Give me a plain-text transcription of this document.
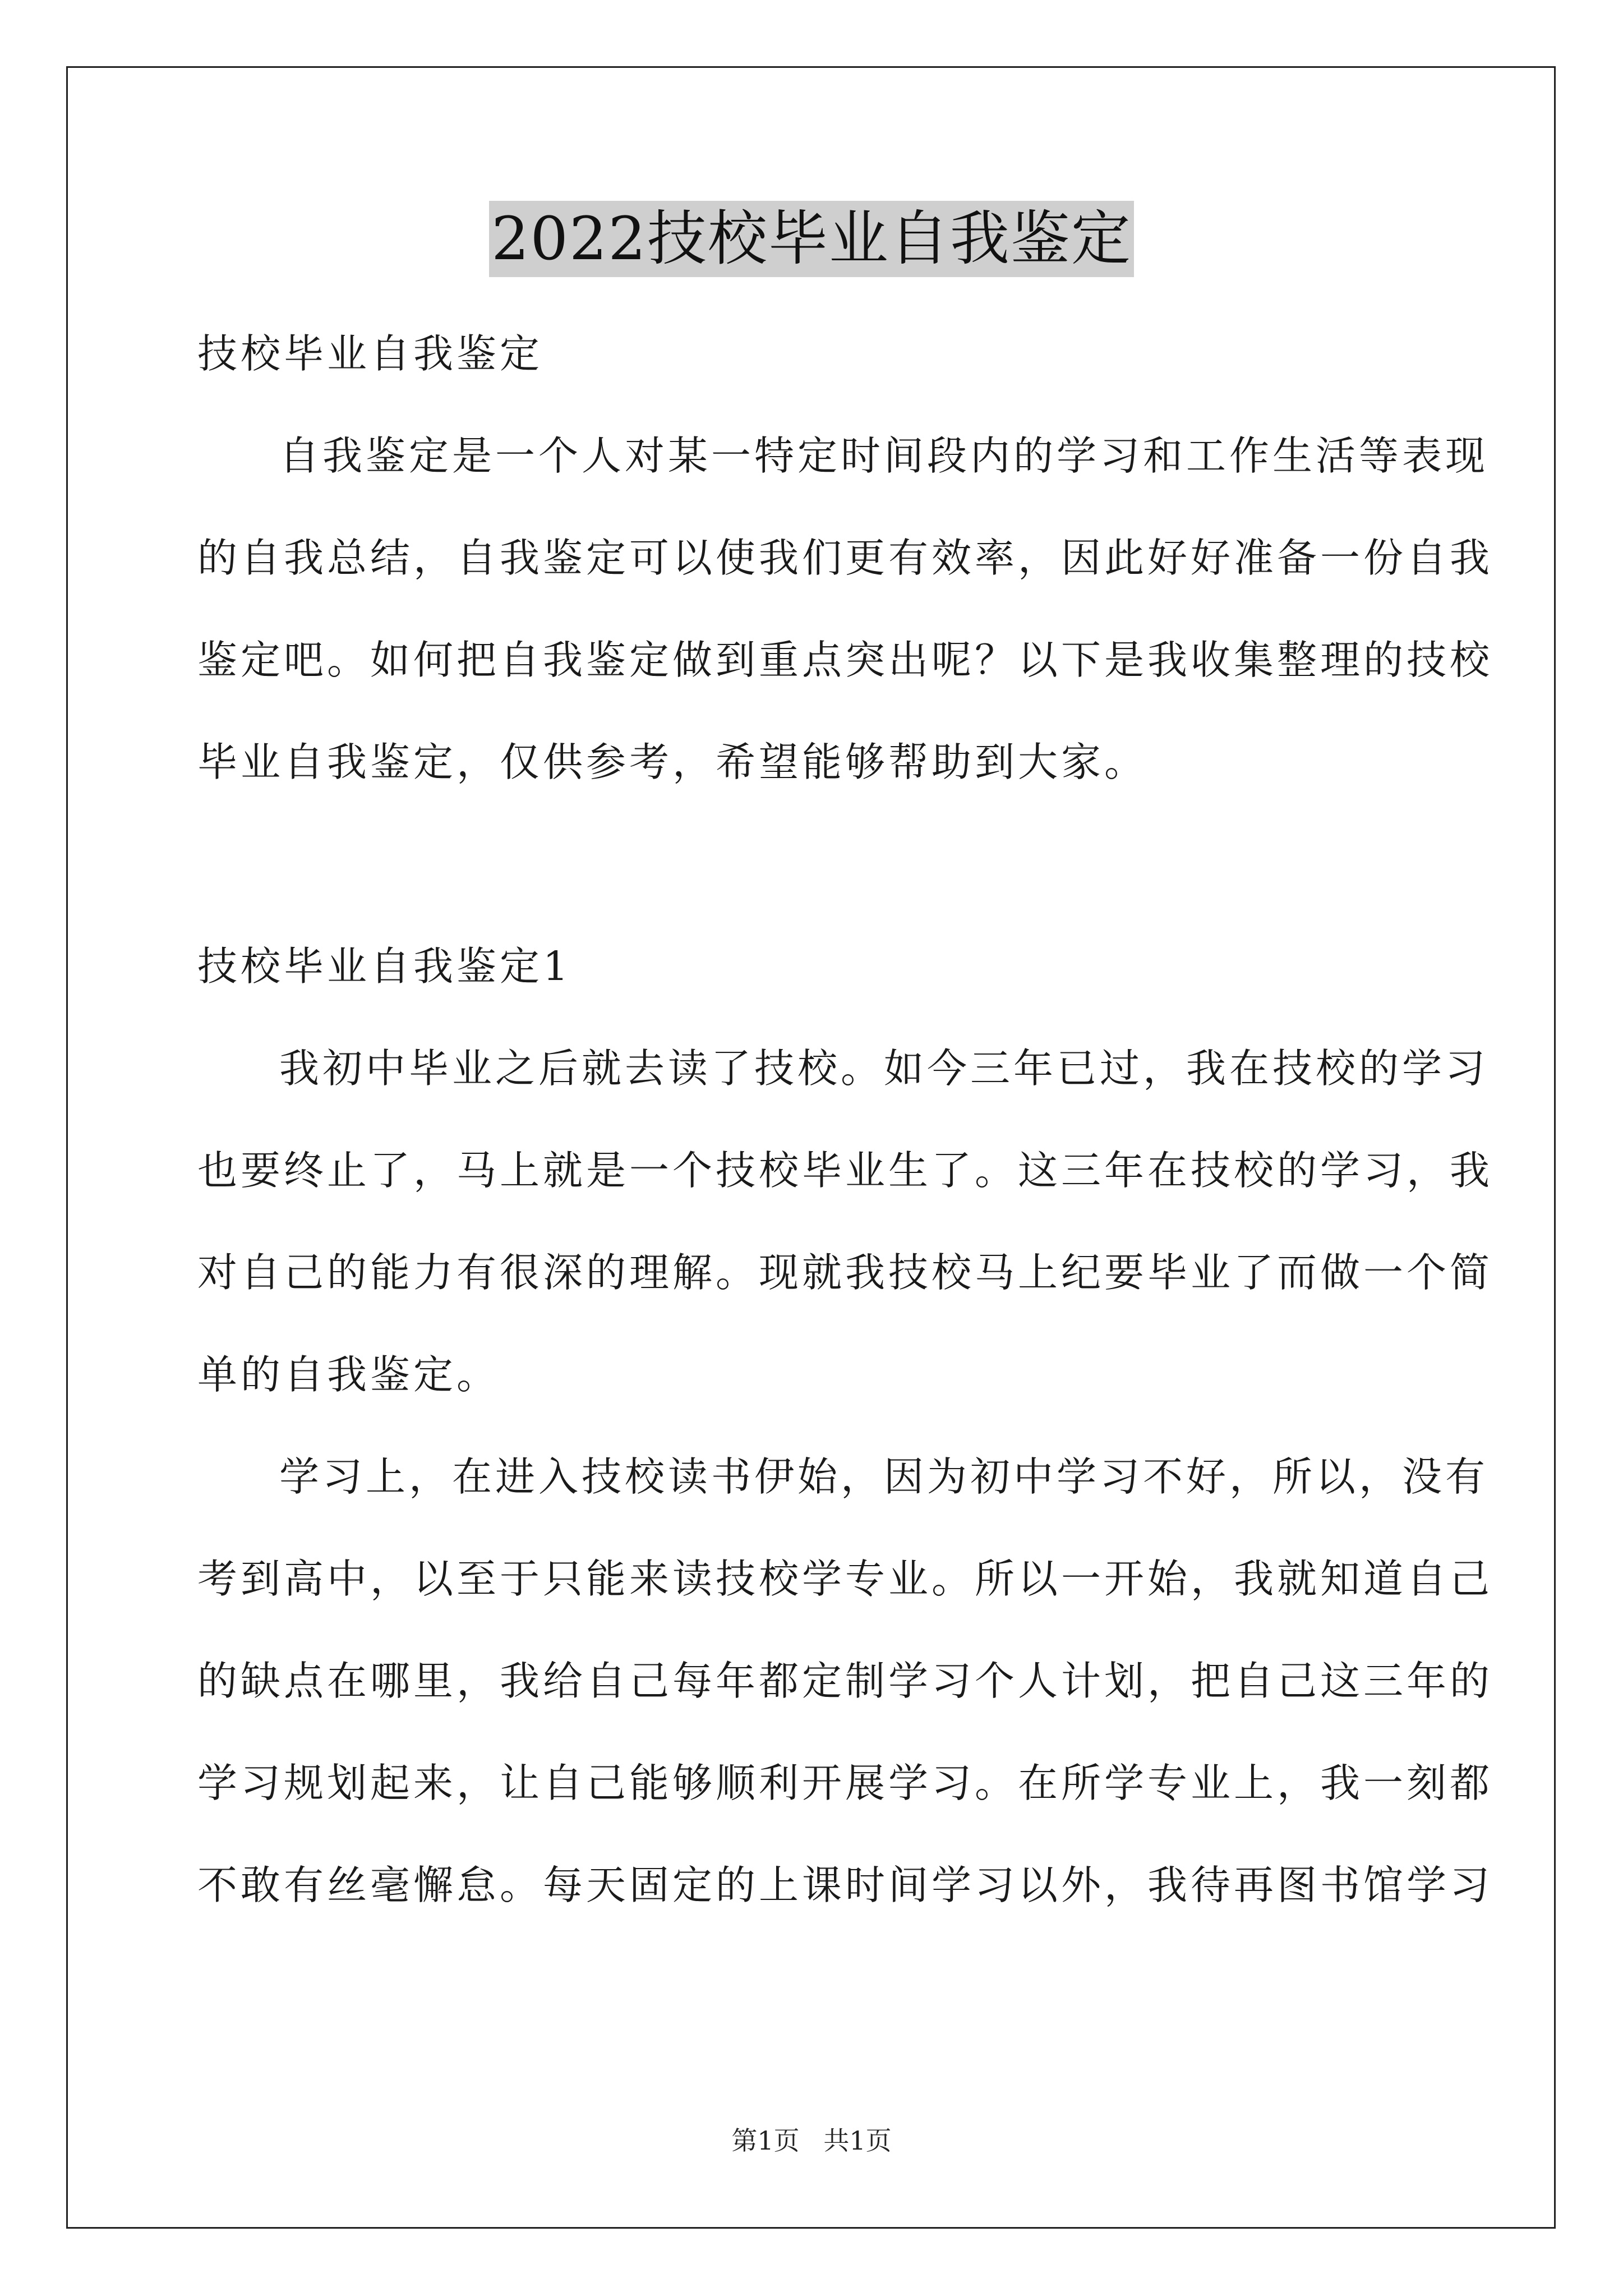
2022技校毕业自我鉴定
技校毕业自我鉴定
自我鉴定是一个人对某一特定时间段内的学习和工作生活等表现
的自我总结，自我鉴定可以使我们更有效率，因此好好准备一份自我
鉴定吧。如何把自我鉴定做到重点突出呢？以下是我收集整理的技校
毕业自我鉴定，仅供参考，希望能够帮助到大家。
技校毕业自我鉴定1
我初中毕业之后就去读了技校。如今三年已过，我在技校的学习
也要终止了，马上就是一个技校毕业生了。这三年在技校的学习，我
对自己的能力有很深的理解。现就我技校马上纪要毕业了而做一个简
单的自我鉴定。
学习上，在进入技校读书伊始，因为初中学习不好，所以，没有
考到高中，以至于只能来读技校学专业。所以一开始，我就知道自己
的缺点在哪里，我给自己每年都定制学习个人计划，把自己这三年的
学习规划起来，让自己能够顺利开展学习。在所学专业上，我一刻都
不敢有丝毫懈怠。每天固定的上课时间学习以外，我待再图书馆学习
第1页 共1页
